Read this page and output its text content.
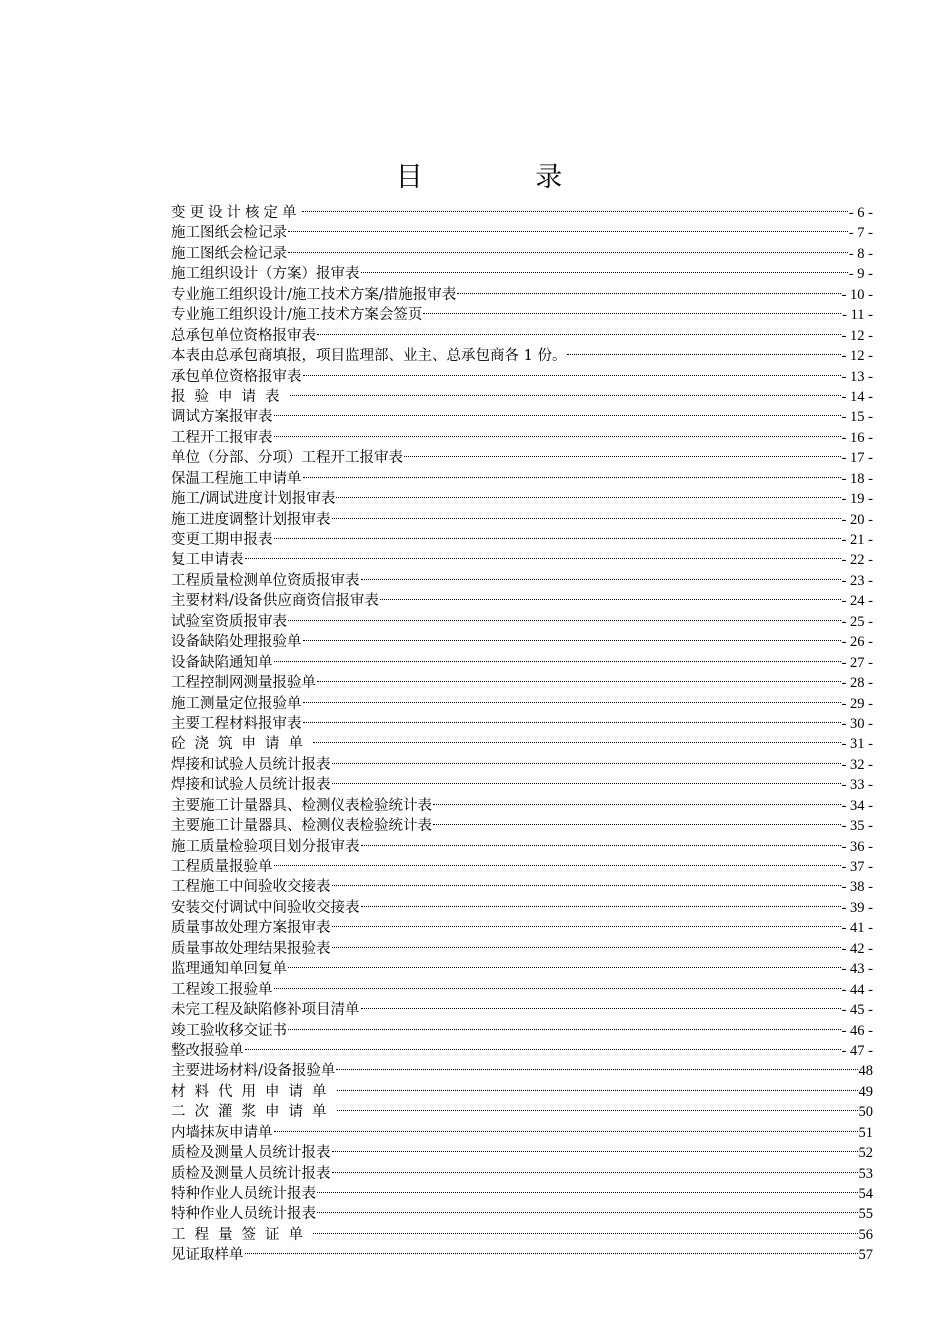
目 录
变更设计核定单	- 6 -
施工图纸会检记录	- 7 -
施工图纸会检记录	- 8 -
施工组织设计（方案）报审表	- 9 -
专业施工组织设计/施工技术方案/措施报审表	- 10 -
专业施工组织设计/施工技术方案会签页	- 11 -
总承包单位资格报审表	- 12 -
本表由总承包商填报，项目监理部、业主、总承包商各 1 份。	- 12 -
承包单位资格报审表	- 13 -
报验申请表	- 14 -
调试方案报审表	- 15 -
工程开工报审表	- 16 -
单位（分部、分项）工程开工报审表	- 17 -
保温工程施工申请单	- 18 -
施工/调试进度计划报审表	- 19 -
施工进度调整计划报审表	- 20 -
变更工期申报表	- 21 -
复工申请表	- 22 -
工程质量检测单位资质报审表	- 23 -
主要材料/设备供应商资信报审表	- 24 -
试验室资质报审表	- 25 -
设备缺陷处理报验单	- 26 -
设备缺陷通知单	- 27 -
工程控制网测量报验单	- 28 -
施工测量定位报验单	- 29 -
主要工程材料报审表	- 30 -
砼浇筑申请单	- 31 -
焊接和试验人员统计报表	- 32 -
焊接和试验人员统计报表	- 33 -
主要施工计量器具、检测仪表检验统计表	- 34 -
主要施工计量器具、检测仪表检验统计表	- 35 -
施工质量检验项目划分报审表	- 36 -
工程质量报验单	- 37 -
工程施工中间验收交接表	- 38 -
安装交付调试中间验收交接表	- 39 -
质量事故处理方案报审表	- 41 -
质量事故处理结果报验表	- 42 -
监理通知单回复单	- 43 -
工程竣工报验单	- 44 -
未完工程及缺陷修补项目清单	- 45 -
竣工验收移交证书	- 46 -
整改报验单	- 47 -
主要进场材料/设备报验单	48
材料代用申请单	49
二次灌浆申请单	50
内墙抹灰申请单	51
质检及测量人员统计报表	52
质检及测量人员统计报表	53
特种作业人员统计报表	54
特种作业人员统计报表	55
工程量签证单	56
见证取样单	57
